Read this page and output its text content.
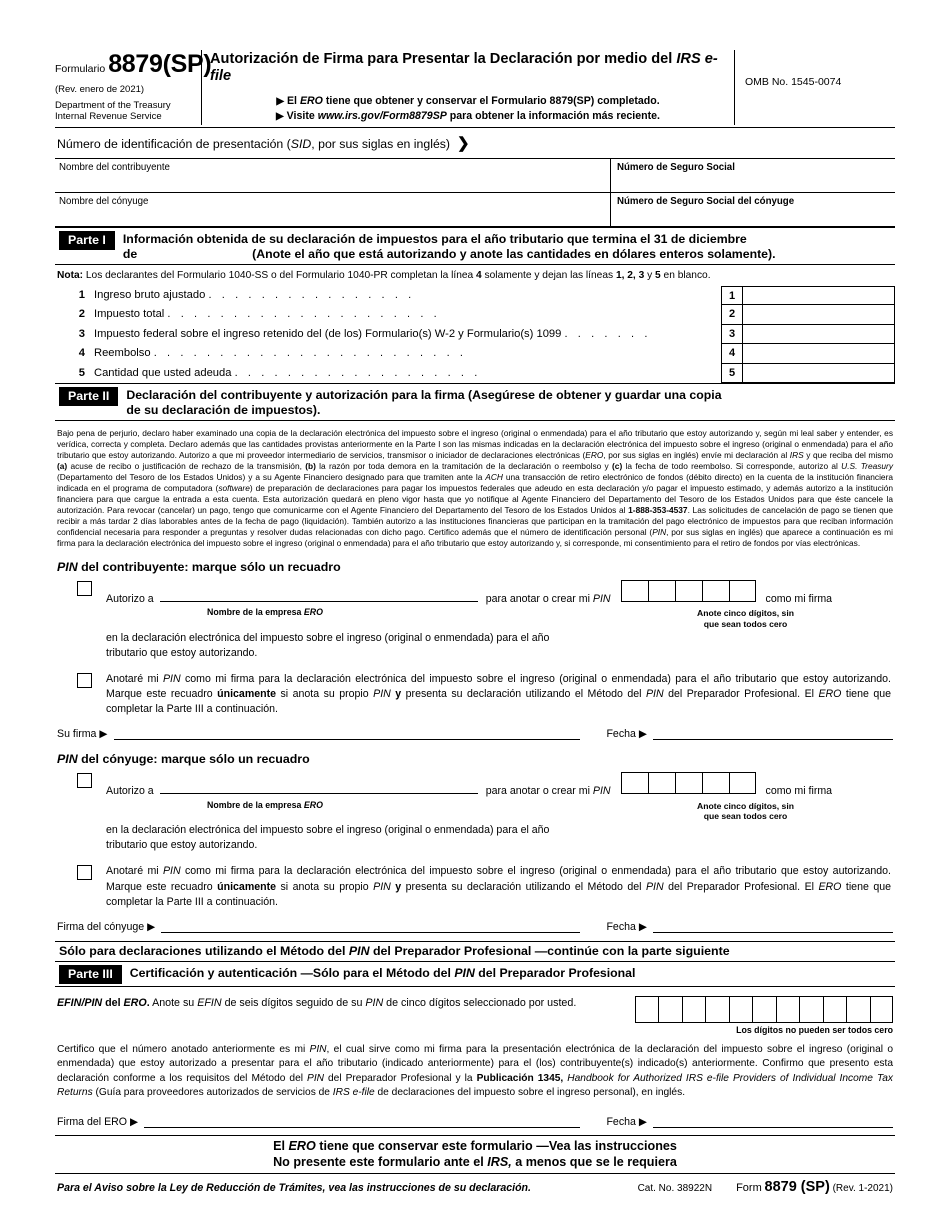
Formulario 8879(SP)
(Rev. enero de 2021)
Department of the Treasury
Internal Revenue Service
Autorización de Firma para Presentar la Declaración por medio del IRS e-file
▶ El ERO tiene que obtener y conservar el Formulario 8879(SP) completado.
▶ Visite www.irs.gov/Form8879SP para obtener la información más reciente.
OMB No. 1545-0074
Número de identificación de presentación (SID, por sus siglas en inglés) ❯
Nombre del contribuyente	Número de Seguro Social
Nombre del cónyuge	Número de Seguro Social del cónyuge
Parte I	Información obtenida de su declaración de impuestos para el año tributario que termina el 31 de diciembre
de	(Anote el año que está autorizando y anote las cantidades en dólares enteros solamente).
Nota: Los declarantes del Formulario 1040-SS o del Formulario 1040-PR completan la línea 4 solamente y dejan las líneas 1, 2, 3 y 5 en blanco.
1 Ingreso bruto ajustado . . . . . . . . . . . . . . . .	1
2 Impuesto total . . . . . . . . . . . . . . . . . . . . .	2
3 Impuesto federal sobre el ingreso retenido del (de los) Formulario(s) W-2 y Formulario(s) 1099 . . . . . . .	3
4 Reembolso . . . . . . . . . . . . . . . . . . . . . . . .	4
5 Cantidad que usted adeuda . . . . . . . . . . . . . . . . . . .	5
Parte II	Declaración del contribuyente y autorización para la firma (Asegúrese de obtener y guardar una copia
de su declaración de impuestos).
Bajo pena de perjurio, declaro haber examinado una copia de la declaración electrónica del impuesto sobre el ingreso (original o enmendada) para el año tributario que estoy autorizando y, según mi leal saber y entender, es verídica, correcta y completa. Declaro además que las cantidades provistas anteriormente en la Parte I son las mismas indicadas en la declaración electrónica del impuesto sobre el ingreso (original o enmendada) para el año tributario que estoy autorizando. Autorizo a que mi proveedor intermediario de servicios, transmisor o iniciador de declaraciones electrónicas (ERO, por sus siglas en inglés) envíe mi declaración al IRS y que reciba del mismo (a) acuse de recibo o justificación de rechazo de la transmisión, (b) la razón por toda demora en la tramitación de la declaración o reembolso y (c) la fecha de todo reembolso. Si corresponde, autorizo al U.S. Treasury (Departamento del Tesoro de los Estados Unidos) y a su Agente Financiero designado para que tramiten ante la ACH una transacción de retiro electrónico de fondos (débito directo) en la cuenta de la institución financiera indicada en el programa de computadora (software) de preparación de declaraciones para pagar los impuestos federales que adeudo en esta declaración y/o pagar el impuesto estimado, y además autorizo a la institución financiera para que cargue la entrada a esta cuenta. Esta autorización quedará en pleno vigor hasta que yo notifique al Agente Financiero del Departamento del Tesoro de los Estados Unidos para que éste cancele la autorización. Para revocar (cancelar) un pago, tengo que comunicarme con el Agente Financiero del Departamento del Tesoro de los Estados Unidos al 1-888-353-4537. Las solicitudes de cancelación de pago se tienen que recibir a más tardar 2 días laborables antes de la fecha de pago (liquidación). También autorizo a las instituciones financieras que participan en la tramitación del pago electrónico de impuestos para que reciban información confidencial necesaria para responder a preguntas y resolver dudas relacionadas con dicho pago. Certifico además que el número de identificación personal (PIN, por sus siglas en inglés) que aparece a continuación es mi firma para la declaración electrónica del impuesto sobre el ingreso (original o enmendada) para el año tributario que estoy autorizando y, si corresponde, mi consentimiento para el retiro de fondos por vías electrónicas.
PIN del contribuyente: marque sólo un recuadro
Autorizo a	para anotar o crear mi PIN	como mi firma
Nombre de la empresa ERO	Anote cinco dígitos, sin
que sean todos cero
en la declaración electrónica del impuesto sobre el ingreso (original o enmendada) para el año
tributario que estoy autorizando.
Anotaré mi PIN como mi firma para la declaración electrónica del impuesto sobre el ingreso (original o enmendada) para el año tributario que estoy autorizando. Marque este recuadro únicamente si anota su propio PIN y presenta su declaración utilizando el Método del PIN del Preparador Profesional. El ERO tiene que completar la Parte III a continuación.
Su firma ▶	Fecha ▶
PIN del cónyuge: marque sólo un recuadro
Autorizo a	para anotar o crear mi PIN	como mi firma
Nombre de la empresa ERO	Anote cinco dígitos, sin
que sean todos cero
en la declaración electrónica del impuesto sobre el ingreso (original o enmendada) para el año
tributario que estoy autorizando.
Anotaré mi PIN como mi firma para la declaración electrónica del impuesto sobre el ingreso (original o enmendada) para el año tributario que estoy autorizando. Marque este recuadro únicamente si anota su propio PIN y presenta su declaración utilizando el Método del PIN del Preparador Profesional. El ERO tiene que completar la Parte III a continuación.
Firma del cónyuge ▶	Fecha ▶
Sólo para declaraciones utilizando el Método del PIN del Preparador Profesional —continúe con la parte siguiente
Parte III	Certificación y autenticación —Sólo para el Método del PIN del Preparador Profesional
EFIN/PIN del ERO. Anote su EFIN de seis dígitos seguido de su PIN de cinco dígitos seleccionado por usted.
Los dígitos no pueden ser todos cero
Certifico que el número anotado anteriormente es mi PIN, el cual sirve como mi firma para la presentación electrónica de la declaración del impuesto sobre el ingreso (original o enmendada) que estoy autorizado a presentar para el año tributario (indicado anteriormente) para el (los) contribuyente(s) indicado(s) anteriormente. Confirmo que presento esta declaración conforme a los requisitos del Método del PIN del Preparador Profesional y la Publicación 1345, Handbook for Authorized IRS e-file Providers of Individual Income Tax Returns (Guía para proveedores autorizados de servicios de IRS e-file de declaraciones del impuesto sobre el ingreso personal), en inglés.
Firma del ERO ▶	Fecha ▶
El ERO tiene que conservar este formulario —Vea las instrucciones
No presente este formulario ante el IRS, a menos que se le requiera
Para el Aviso sobre la Ley de Reducción de Trámites, vea las instrucciones de su declaración.	Cat. No. 38922N	Form 8879 (SP) (Rev. 1-2021)
